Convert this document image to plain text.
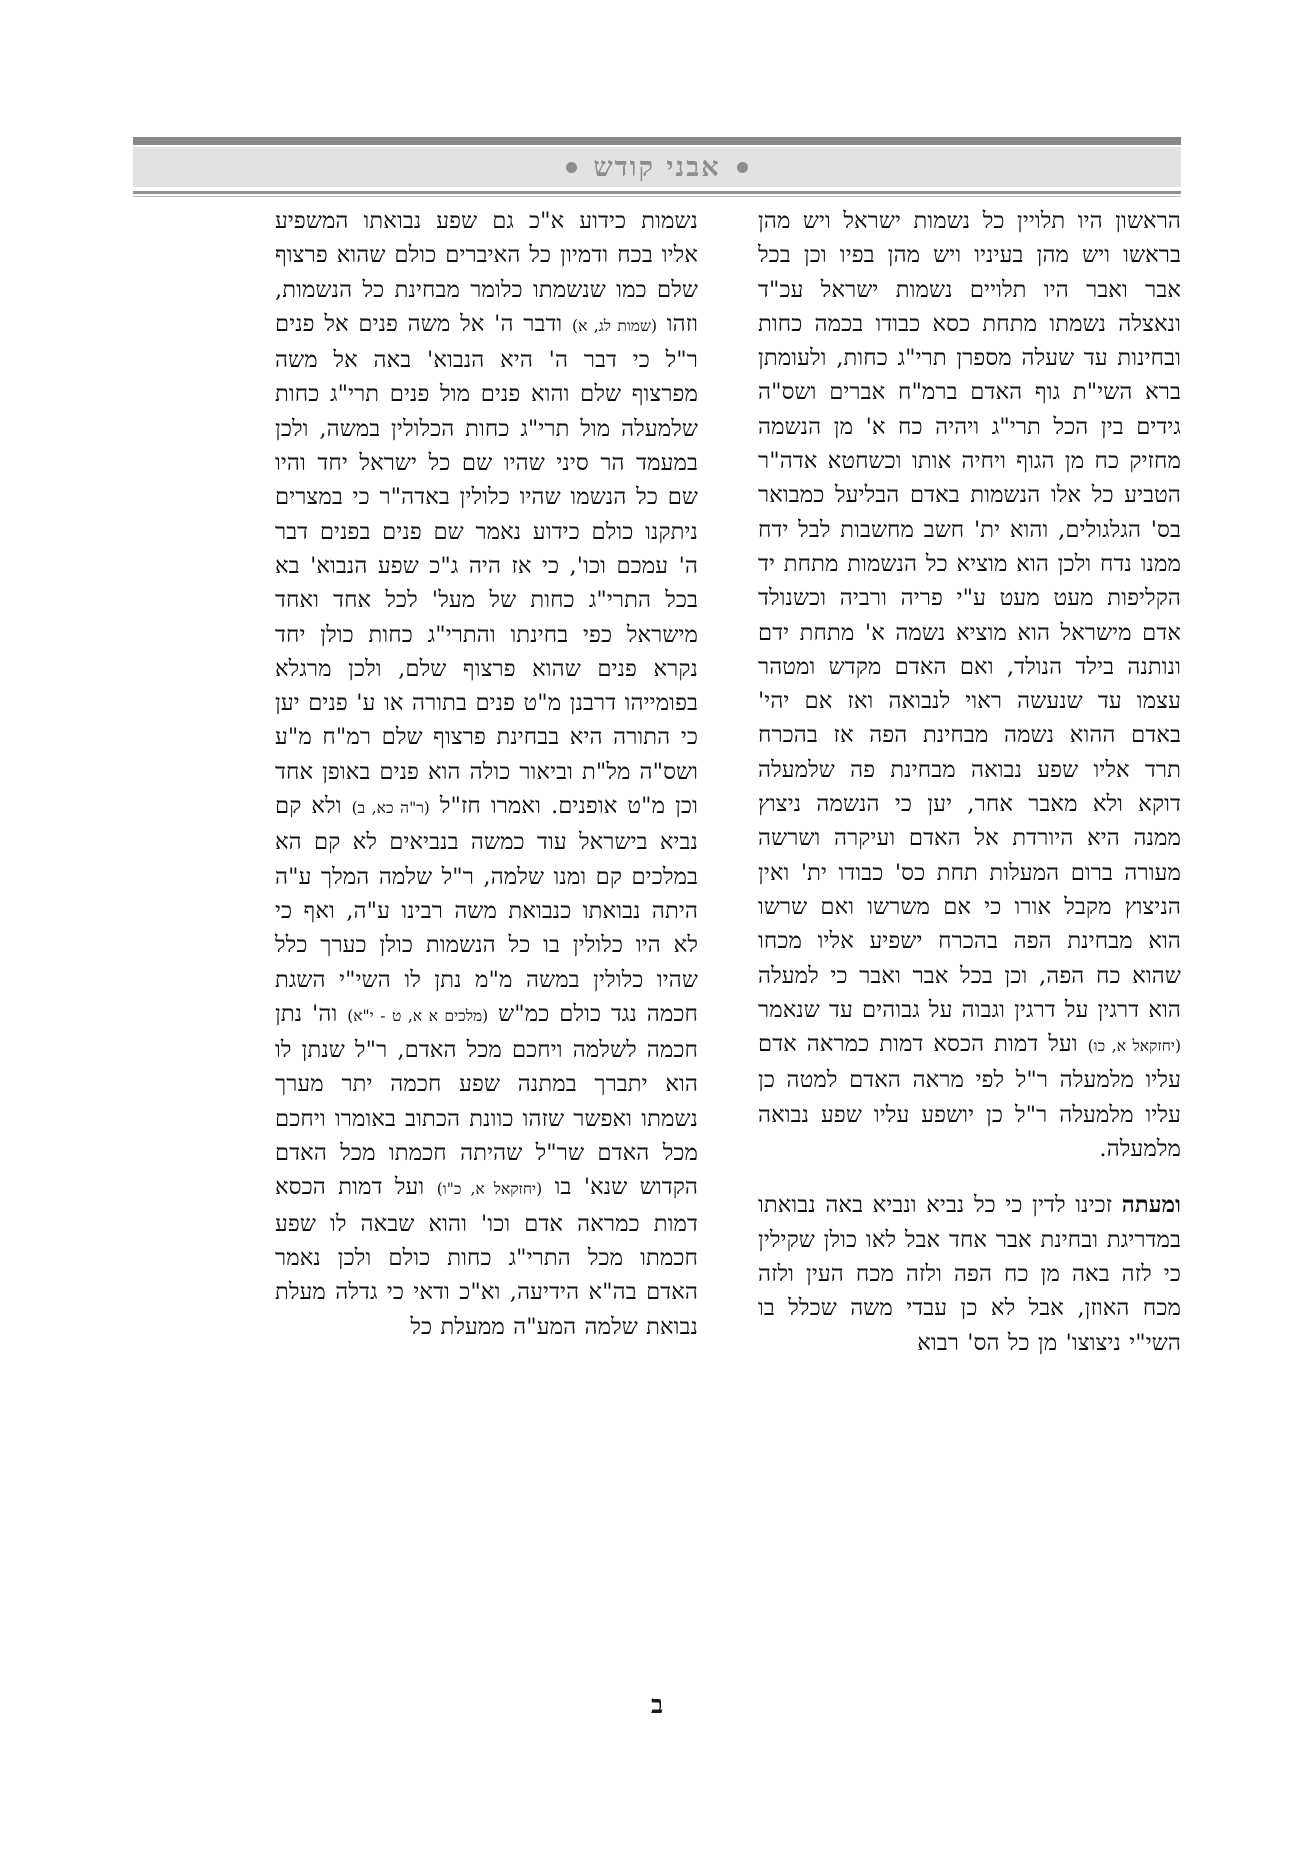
אבני קודש

הראשון היו תלויין כל נשמות ישראל ויש מהן בראשו ויש מהן בעיניו ויש מהן בפיו וכן בכל אבר ואבר היו תלויים נשמות ישראל עכ"ד ונאצלה נשמתו מתחת כסא כבודו בכמה כחות ובחינות עד שעלה מספרן תרי"ג כחות, ולעומתן ברא השי"ת גוף האדם ברמ"ח אברים ושס"ה גידים בין הכל תרי"ג ויהיה כח א' מן הנשמה מחזיק כח מן הגוף ויחיה אותו וכשחטא אדה"ר הטביע כל אלו הנשמות באדם הבליעל כמבואר בס' הגלגולים, והוא ית' חשב מחשבות לבל ידח ממנו נדח ולכן הוא מוציא כל הנשמות מתחת יד הקליפות מעט מעט ע"י פריה ורביה וכשנולד אדם מישראל הוא מוציא נשמה א' מתחת ידם ונותנה בילד הנולד, ואם האדם מקדש ומטהר עצמו עד שנעשה ראוי לנבואה ואז אם יהי' באדם ההוא נשמה מבחינת הפה אז בהכרח תרד אליו שפע נבואה מבחינת פה שלמעלה דוקא ולא מאבר אחר, יען כי הנשמה ניצוץ ממנה היא היורדת אל האדם ועיקרה ושרשה מעורה ברום המעלות תחת כס' כבודו ית' ואין הניצוץ מקבל אורו כי אם משרשו ואם שרשו הוא מבחינת הפה בהכרח ישפיע אליו מכחו שהוא כח הפה, וכן בכל אבר ואבר כי למעלה הוא דרגין על דרגין וגבוה על גבוהים עד שנאמר (יחזקאל א, כו) ועל דמות הכסא דמות כמראה אדם עליו מלמעלה ר"ל לפי מראה האדם למטה כן עליו מלמעלה ר"ל כן יושפע עליו שפע נבואה מלמעלה.

ומעתה זכינו לדין כי כל נביא ונביא באה נבואתו במדריגת ובחינת אבר אחד אבל לאו כולן שקילין כי לזה באה מן כח הפה ולזה מכח העין ולזה מכח האוזן, אבל לא כן עבדי משה שכלל בו השי"י ניצוצו' מן כל הס' רבוא

נשמות כידוע א"כ גם שפע נבואתו המשפיע אליו בכח ודמיון כל האיברים כולם שהוא פרצוף שלם כמו שנשמתו כלומר מבחינת כל הנשמות, וזהו (שמות לג, א) ודבר ה' אל משה פנים אל פנים ר"ל כי דבר ה' היא הנבוא' באה אל משה מפרצוף שלם והוא פנים מול פנים תרי"ג כחות שלמעלה מול תרי"ג כחות הכלולין במשה, ולכן במעמד הר סיני שהיו שם כל ישראל יחד והיו שם כל הנשמו שהיו כלולין באדה"ר כי במצרים ניתקנו כולם כידוע נאמר שם פנים בפנים דבר ה' עמכם וכו', כי אז היה ג"כ שפע הנבוא' בא בכל התרי"ג כחות של מעל' לכל אחד ואחד מישראל כפי בחינתו והתרי"ג כחות כולן יחד נקרא פנים שהוא פרצוף שלם, ולכן מרגלא בפומייהו דרבנן מ"ט פנים בתורה או ע' פנים יען כי התורה היא בבחינת פרצוף שלם רמ"ח מ"ע ושס"ה מל"ת וביאור כולה הוא פנים באופן אחד וכן מ"ט אופנים. ואמרו חז"ל (ר"ה כא, ב) ולא קם נביא בישראל עוד כמשה בנביאים לא קם הא במלכים קם ומנו שלמה, ר"ל שלמה המלך ע"ה היתה נבואתו כנבואת משה רבינו ע"ה, ואף כי לא היו כלולין בו כל הנשמות כולן כערך כלל שהיו כלולין במשה מ"מ נתן לו השי"י השגת חכמה נגד כולם כמ"ש (מלכים א א, ט - י"א) וה' נתן חכמה לשלמה ויחכם מכל האדם, ר"ל שנתן לו הוא יתברך במתנה שפע חכמה יתר מערך נשמתו ואפשר שזהו כוונת הכתוב באומרו ויחכם מכל האדם שר"ל שהיתה חכמתו מכל האדם הקדוש שנא' בו (יחזקאל א, כ"ו) ועל דמות הכסא דמות כמראה אדם וכו' והוא שבאה לו שפע חכמתו מכל התרי"ג כחות כולם ולכן נאמר האדם בה"א הידיעה, וא"כ ודאי כי גדלה מעלת נבואת שלמה המע"ה ממעלת כל

ב
